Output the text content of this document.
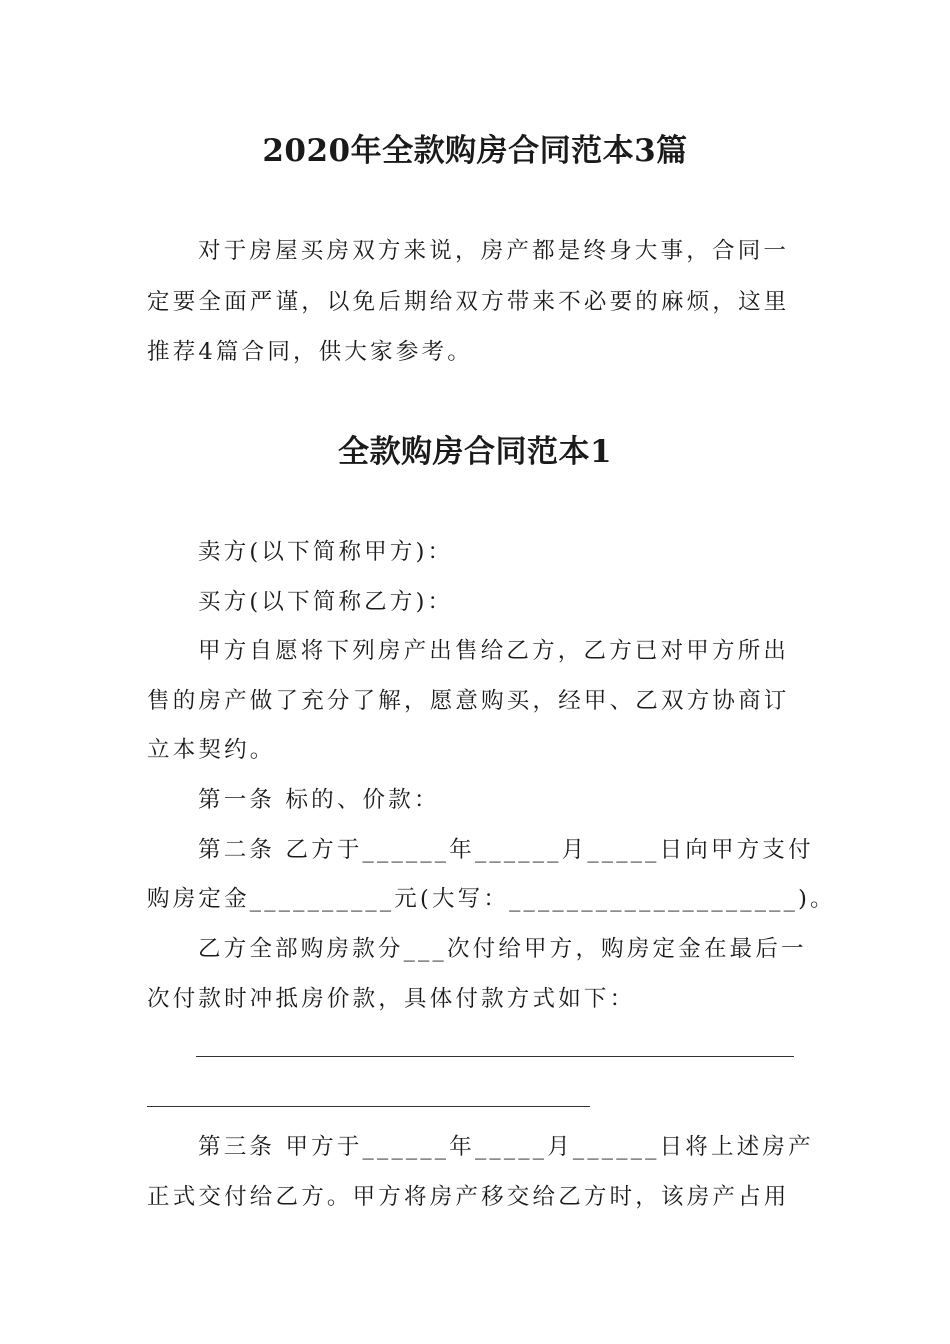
2020年全款购房合同范本3篇
对于房屋买房双方来说，房产都是终身大事，合同一
定要全面严谨，以免后期给双方带来不必要的麻烦，这里
推荐4篇合同，供大家参考。
全款购房合同范本1
卖方(以下简称甲方)：
买方(以下简称乙方)：
甲方自愿将下列房产出售给乙方，乙方已对甲方所出
售的房产做了充分了解，愿意购买，经甲、乙双方协商订
立本契约。
第一条 标的、价款：
第二条 乙方于______年______月_____日向甲方支付
购房定金__________元(大写：____________________)。
乙方全部购房款分___次付给甲方，购房定金在最后一
次付款时冲抵房价款，具体付款方式如下：
第三条 甲方于______年_____月______日将上述房产
正式交付给乙方。甲方将房产移交给乙方时，该房产占用
